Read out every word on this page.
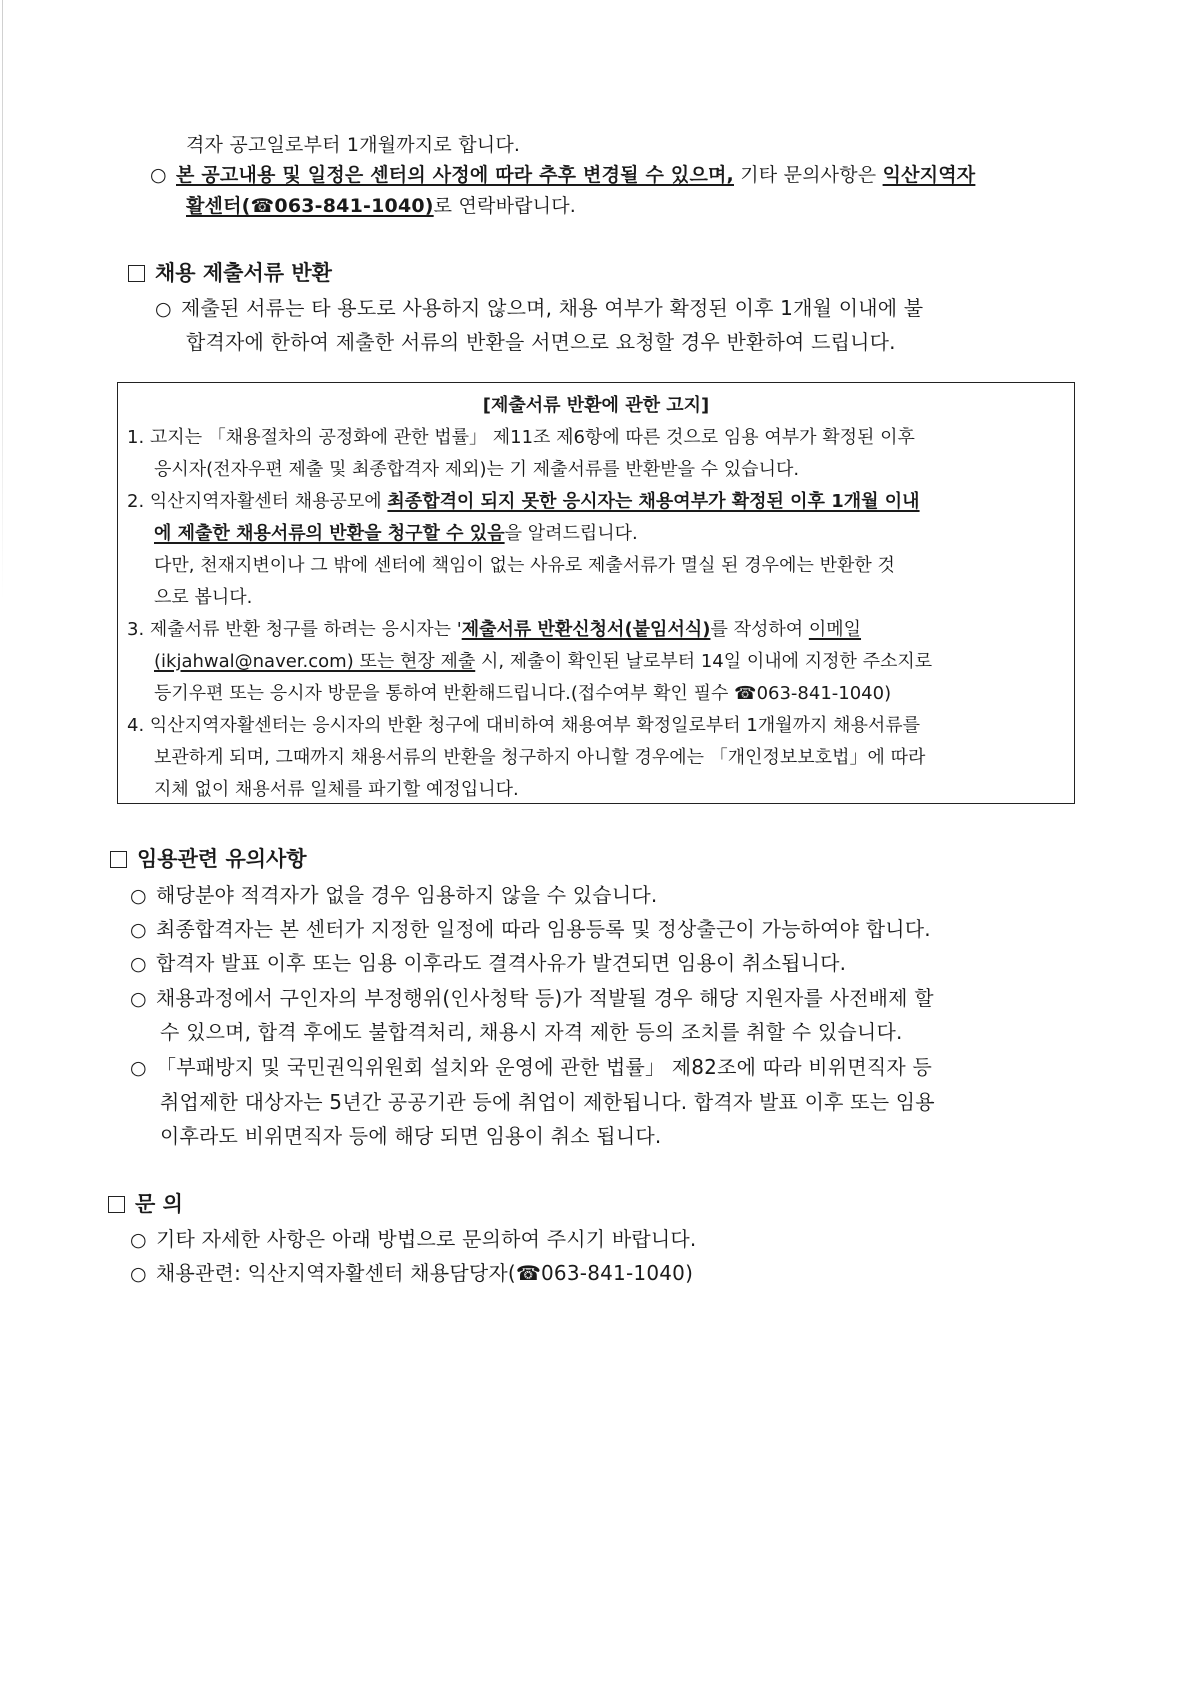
격자 공고일로부터 1개월까지로 합니다.
○ 본 공고내용 및 일정은 센터의 사정에 따라 추후 변경될 수 있으며, 기타 문의사항은 익산지역자
활센터(☎063-841-1040)로 연락바랍니다.
채용 제출서류 반환
○ 제출된 서류는 타 용도로 사용하지 않으며, 채용 여부가 확정된 이후 1개월 이내에 불
합격자에 한하여 제출한 서류의 반환을 서면으로 요청할 경우 반환하여 드립니다.
[제출서류 반환에 관한 고지]
1. 고지는 「채용절차의 공정화에 관한 법률」 제11조 제6항에 따른 것으로 임용 여부가 확정된 이후
응시자(전자우편 제출 및 최종합격자 제외)는 기 제출서류를 반환받을 수 있습니다.
2. 익산지역자활센터 채용공모에 최종합격이 되지 못한 응시자는 채용여부가 확정된 이후 1개월 이내
에 제출한 채용서류의 반환을 청구할 수 있음을 알려드립니다.
다만, 천재지변이나 그 밖에 센터에 책임이 없는 사유로 제출서류가 멸실 된 경우에는 반환한 것
으로 봅니다.
3. 제출서류 반환 청구를 하려는 응시자는 '제출서류 반환신청서(붙임서식)를 작성하여 이메일
(ikjahwal@naver.com) 또는 현장 제출 시, 제출이 확인된 날로부터 14일 이내에 지정한 주소지로
등기우편 또는 응시자 방문을 통하여 반환해드립니다.(접수여부 확인 필수 ☎063-841-1040)
4. 익산지역자활센터는 응시자의 반환 청구에 대비하여 채용여부 확정일로부터 1개월까지 채용서류를
보관하게 되며, 그때까지 채용서류의 반환을 청구하지 아니할 경우에는 「개인정보보호법」에 따라
지체 없이 채용서류 일체를 파기할 예정입니다.
임용관련 유의사항
○ 해당분야 적격자가 없을 경우 임용하지 않을 수 있습니다.
○ 최종합격자는 본 센터가 지정한 일정에 따라 임용등록 및 정상출근이 가능하여야 합니다.
○ 합격자 발표 이후 또는 임용 이후라도 결격사유가 발견되면 임용이 취소됩니다.
○ 채용과정에서 구인자의 부정행위(인사청탁 등)가 적발될 경우 해당 지원자를 사전배제 할
수 있으며, 합격 후에도 불합격처리, 채용시 자격 제한 등의 조치를 취할 수 있습니다.
○ 「부패방지 및 국민권익위원회 설치와 운영에 관한 법률」 제82조에 따라 비위면직자 등
취업제한 대상자는 5년간 공공기관 등에 취업이 제한됩니다. 합격자 발표 이후 또는 임용
이후라도 비위면직자 등에 해당 되면 임용이 취소 됩니다.
문 의
○ 기타 자세한 사항은 아래 방법으로 문의하여 주시기 바랍니다.
○ 채용관련: 익산지역자활센터 채용담당자(☎063-841-1040)
